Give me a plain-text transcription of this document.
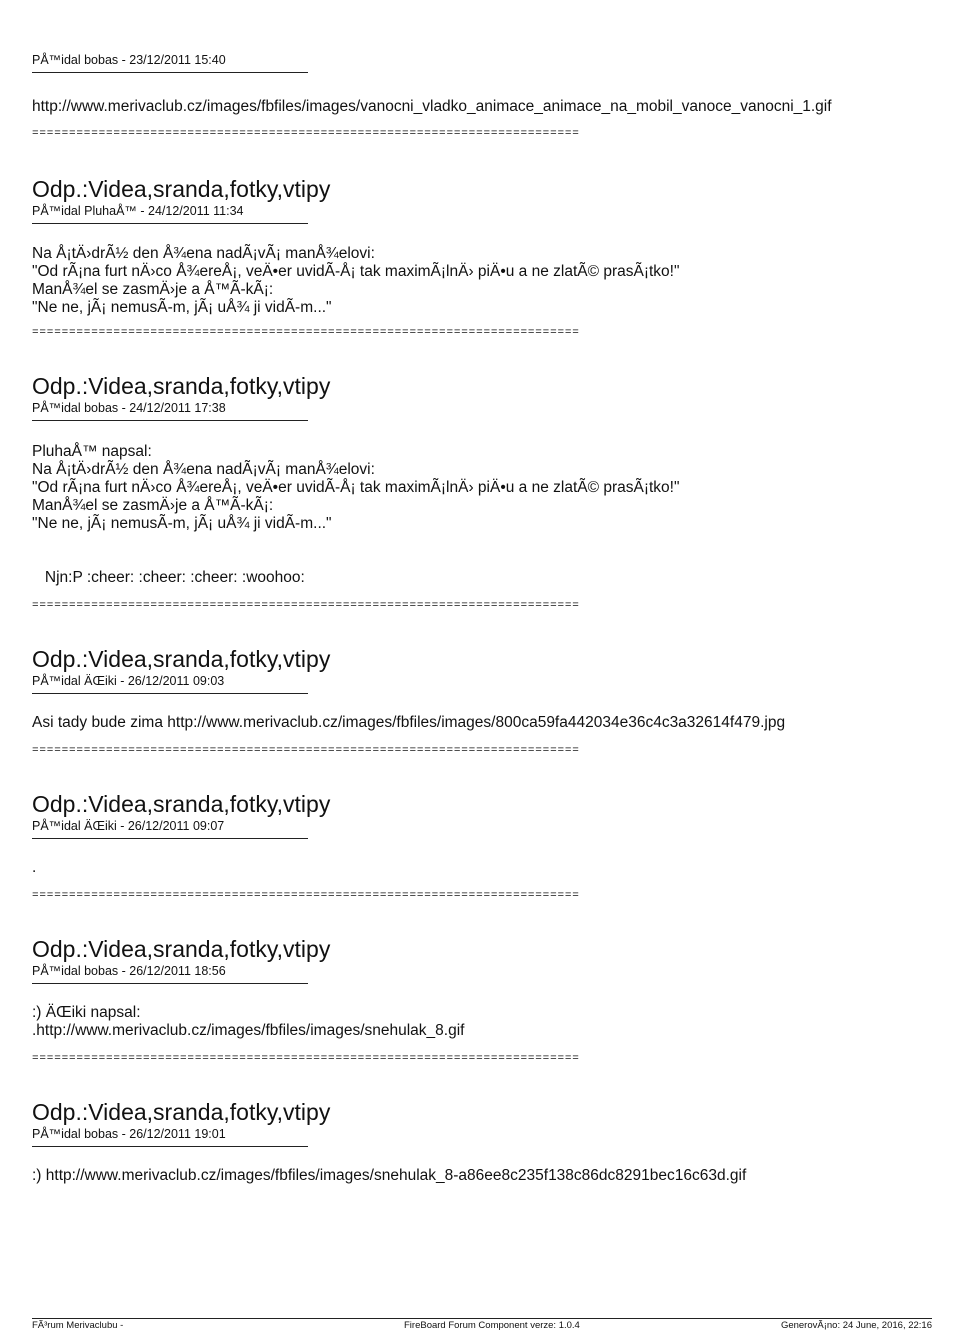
PÅ™idal bobas - 23/12/2011 15:40
http://www.merivaclub.cz/images/fbfiles/images/vanocni_vladko_animace_animace_na_mobil_vanoce_vanocni_1.gif
==========================================================================
Odp.:Videa,sranda,fotky,vtipy
PÅ™idal PluhaÅ™ - 24/12/2011 11:34
Na Å¡tÄ›drÃ½ den Å¾ena nadÃ¡vÃ¡ manÅ¾elovi:
"Od rÃ¡na furt nÄ›co Å¾ereÅ¡, veÄ•er uvidÃ-Å¡ tak maximÃ¡lnÄ› piÄ•u a ne zlatÃ© prasÃ¡tko!"
ManÅ¾el se zasmÄ›je a Å™Ã-kÃ¡:
"Ne ne, jÃ¡ nemusÃ-m, jÃ¡ uÅ¾ ji vidÃ-m..."
==========================================================================
Odp.:Videa,sranda,fotky,vtipy
PÅ™idal bobas - 24/12/2011 17:38
PluhaÅ™ napsal:
Na Å¡tÄ›drÃ½ den Å¾ena nadÃ¡vÃ¡ manÅ¾elovi:
"Od rÃ¡na furt nÄ›co Å¾ereÅ¡, veÄ•er uvidÃ-Å¡ tak maximÃ¡lnÄ› piÄ•u a ne zlatÃ© prasÃ¡tko!"
ManÅ¾el se zasmÄ›je a Å™Ã-kÃ¡:
"Ne ne, jÃ¡ nemusÃ-m, jÃ¡ uÅ¾ ji vidÃ-m..."

Njn:P :cheer: :cheer: :cheer: :woohoo:
==========================================================================
Odp.:Videa,sranda,fotky,vtipy
PÅ™idal ÄŒiki - 26/12/2011 09:03
Asi tady bude zima http://www.merivaclub.cz/images/fbfiles/images/800ca59fa442034e36c4c3a32614f479.jpg
==========================================================================
Odp.:Videa,sranda,fotky,vtipy
PÅ™idal ÄŒiki - 26/12/2011 09:07
.
==========================================================================
Odp.:Videa,sranda,fotky,vtipy
PÅ™idal bobas - 26/12/2011 18:56
:) ÄŒiki napsal:
.http://www.merivaclub.cz/images/fbfiles/images/snehulak_8.gif
==========================================================================
Odp.:Videa,sranda,fotky,vtipy
PÅ™idal bobas - 26/12/2011 19:01
:) http://www.merivaclub.cz/images/fbfiles/images/snehulak_8-a86ee8c235f138c86dc8291bec16c63d.gif
FÃ³rum Merivaclubu -	FireBoard Forum Component verze: 1.0.4	GenerovÃ¡no: 24 June, 2016, 22:16
